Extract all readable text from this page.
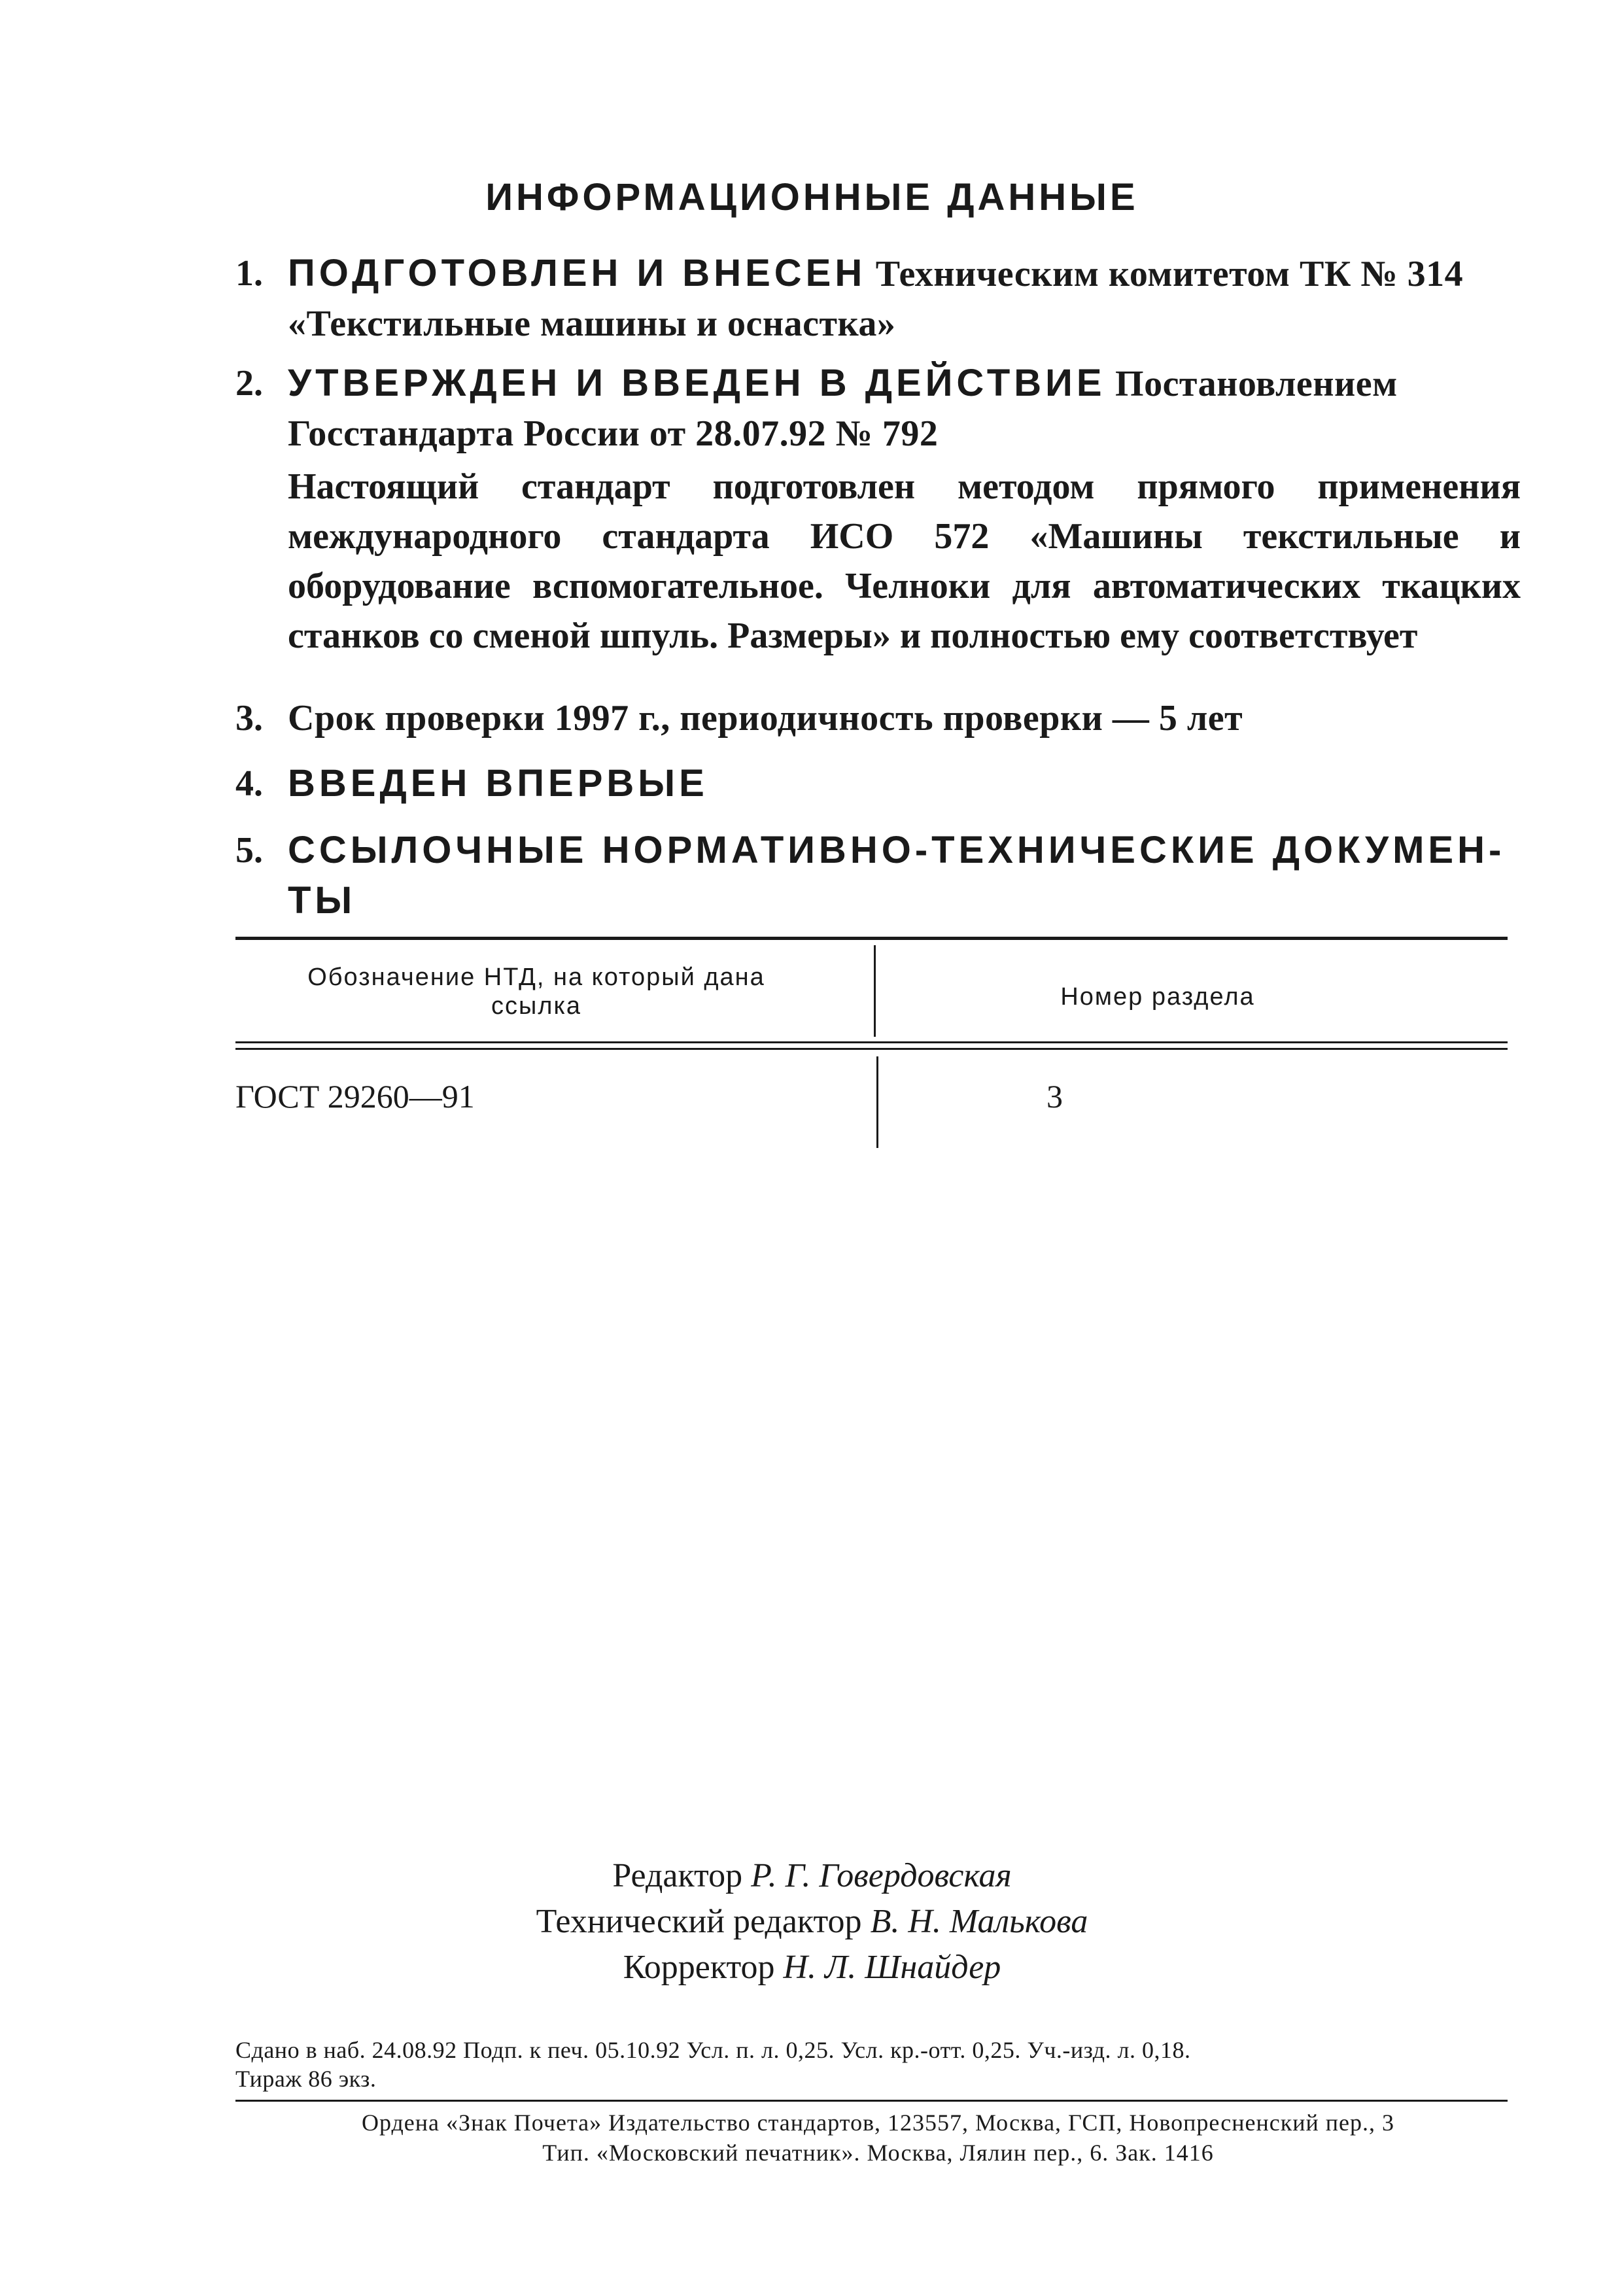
ИНФОРМАЦИОННЫЕ ДАННЫЕ
1. ПОДГОТОВЛЕН И ВНЕСЕН Техническим комитетом ТК № 314
«Текстильные машины и оснастка»
2. УТВЕРЖДЕН И ВВЕДЕН В ДЕЙСТВИЕ Постановлением
Госстандарта России от 28.07.92 № 792
Настоящий стандарт подготовлен методом прямого применения международного стандарта ИСО 572 «Машины текстильные и оборудование вспомогательное. Челноки для автоматических ткацких станков со сменой шпуль. Размеры» и полностью ему соответствует
3. Срок проверки 1997 г., периодичность проверки — 5 лет
4. ВВЕДЕН ВПЕРВЫЕ
5. ССЫЛОЧНЫЕ НОРМАТИВНО-ТЕХНИЧЕСКИЕ ДОКУМЕН-
ТЫ
Обозначение НТД, на который дана ссылка	Номер раздела
ГОСТ 29260—91	3
Редактор Р. Г. Говердовская
Технический редактор В. Н. Малькова
Корректор Н. Л. Шнайдер
Сдано в наб. 24.08.92 Подп. к печ. 05.10.92 Усл. п. л. 0,25. Усл. кр.-отт. 0,25. Уч.-изд. л. 0,18.
Тираж 86 экз.
Ордена «Знак Почета» Издательство стандартов, 123557, Москва, ГСП, Новопресненский пер., 3
Тип. «Московский печатник». Москва, Лялин пер., 6. Зак. 1416
